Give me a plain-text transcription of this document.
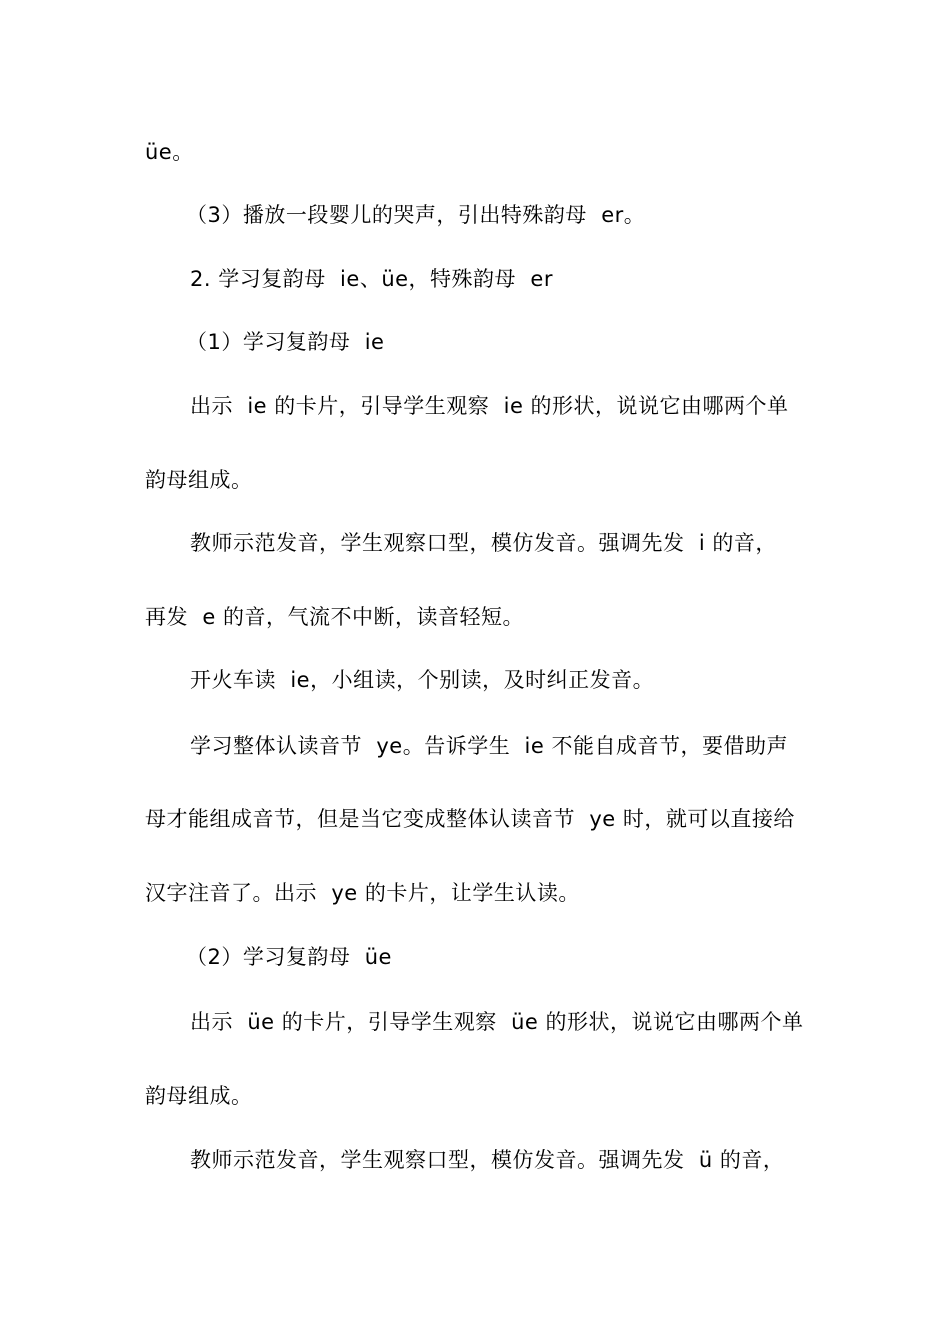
üe。
（3）播放一段婴儿的哭声，引出特殊韵母  er。
2. 学习复韵母  ie、üe，特殊韵母  er
（1）学习复韵母  ie
出示  ie 的卡片，引导学生观察  ie 的形状，说说它由哪两个单
韵母组成。
教师示范发音，学生观察口型，模仿发音。强调先发  i 的音，
再发  e 的音，气流不中断，读音轻短。
开火车读  ie，小组读，个别读，及时纠正发音。
学习整体认读音节  ye。告诉学生  ie 不能自成音节，要借助声
母才能组成音节，但是当它变成整体认读音节  ye 时，就可以直接给
汉字注音了。出示  ye 的卡片，让学生认读。
（2）学习复韵母  üe
出示  üe 的卡片，引导学生观察  üe 的形状，说说它由哪两个单
韵母组成。
教师示范发音，学生观察口型，模仿发音。强调先发  ü 的音，
